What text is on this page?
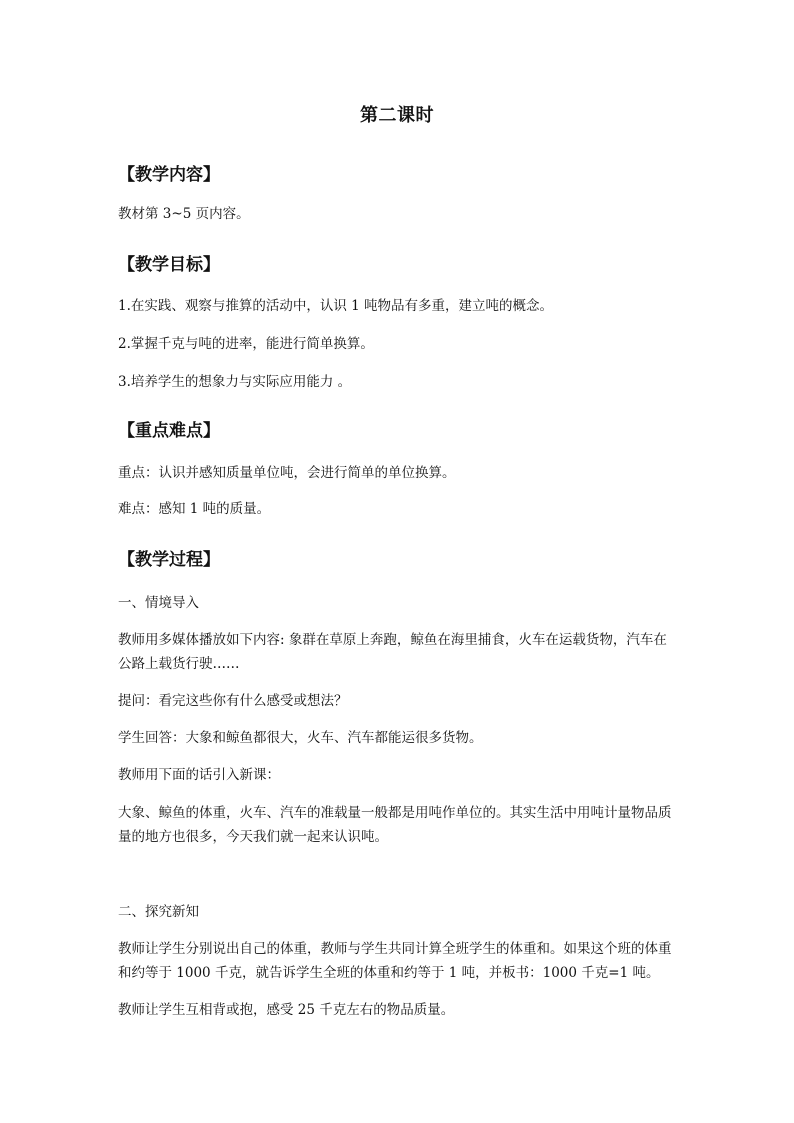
第二课时
【教学内容】
教材第 3~5 页内容。
【教学目标】
1.在实践、观察与推算的活动中，认识 1 吨物品有多重，建立吨的概念。
2.掌握千克与吨的进率，能进行简单换算。
3.培养学生的想象力与实际应用能力 。
【重点难点】
重点：认识并感知质量单位吨，会进行简单的单位换算。
难点：感知 1 吨的质量。
【教学过程】
一、情境导入
教师用多媒体播放如下内容: 象群在草原上奔跑，鲸鱼在海里捕食，火车在运载货物，汽车在公路上载货行驶……
提问：看完这些你有什么感受或想法？
学生回答：大象和鲸鱼都很大，火车、汽车都能运很多货物。
教师用下面的话引入新课：
大象、鲸鱼的体重，火车、汽车的准载量一般都是用吨作单位的。其实生活中用吨计量物品质量的地方也很多，今天我们就一起来认识吨。
二、探究新知
教师让学生分别说出自己的体重，教师与学生共同计算全班学生的体重和。如果这个班的体重和约等于 1000 千克，就告诉学生全班的体重和约等于 1 吨，并板书：1000 千克=1 吨。
教师让学生互相背或抱，感受 25 千克左右的物品质量。
